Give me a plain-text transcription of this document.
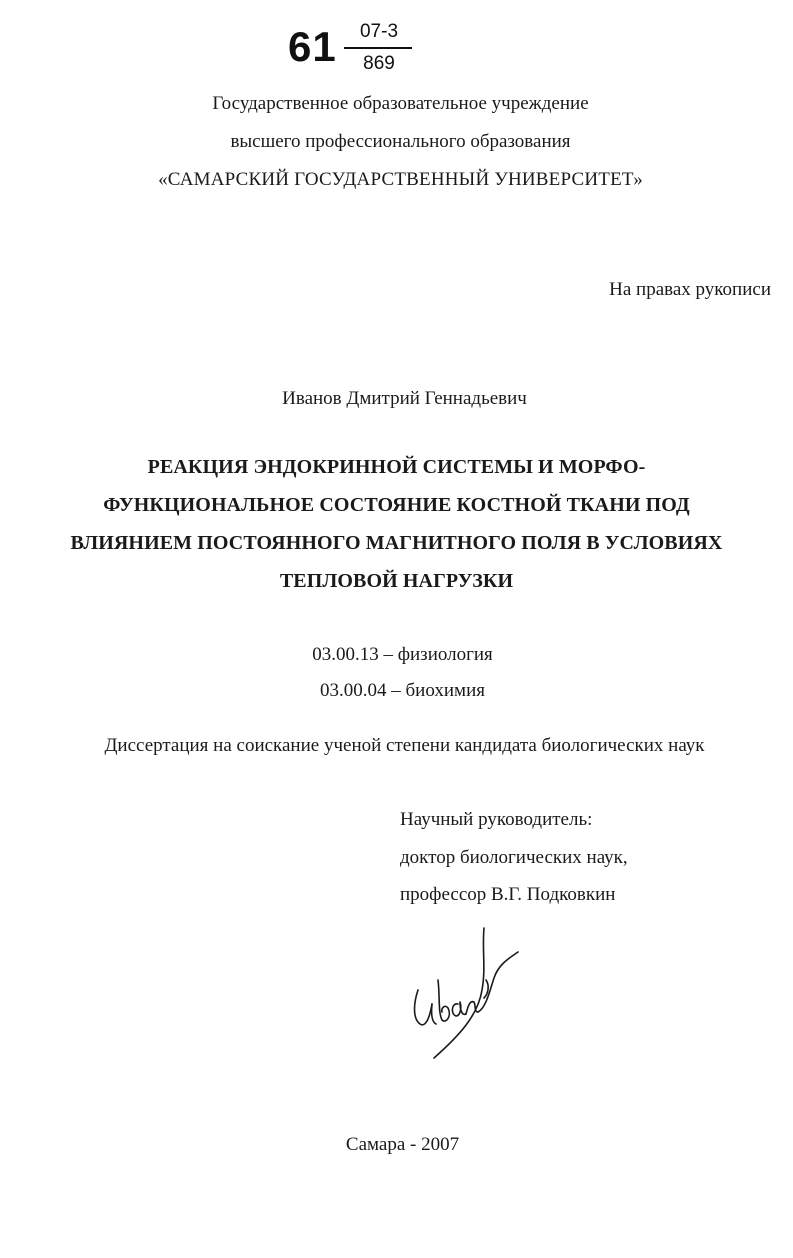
61	07-3
869
Государственное образовательное учреждение
высшего профессионального образования
«САМАРСКИЙ ГОСУДАРСТВЕННЫЙ УНИВЕРСИТЕТ»
На правах рукописи
Иванов Дмитрий Геннадьевич
РЕАКЦИЯ ЭНДОКРИННОЙ СИСТЕМЫ И МОРФО-
ФУНКЦИОНАЛЬНОЕ СОСТОЯНИЕ КОСТНОЙ ТКАНИ ПОД
ВЛИЯНИЕМ ПОСТОЯННОГО МАГНИТНОГО ПОЛЯ В УСЛОВИЯХ
ТЕПЛОВОЙ НАГРУЗКИ
03.00.13 – физиология
03.00.04 – биохимия
Диссертация на соискание ученой степени кандидата биологических наук
Научный руководитель:
доктор биологических наук,
профессор В.Г. Подковкин
Самара - 2007
